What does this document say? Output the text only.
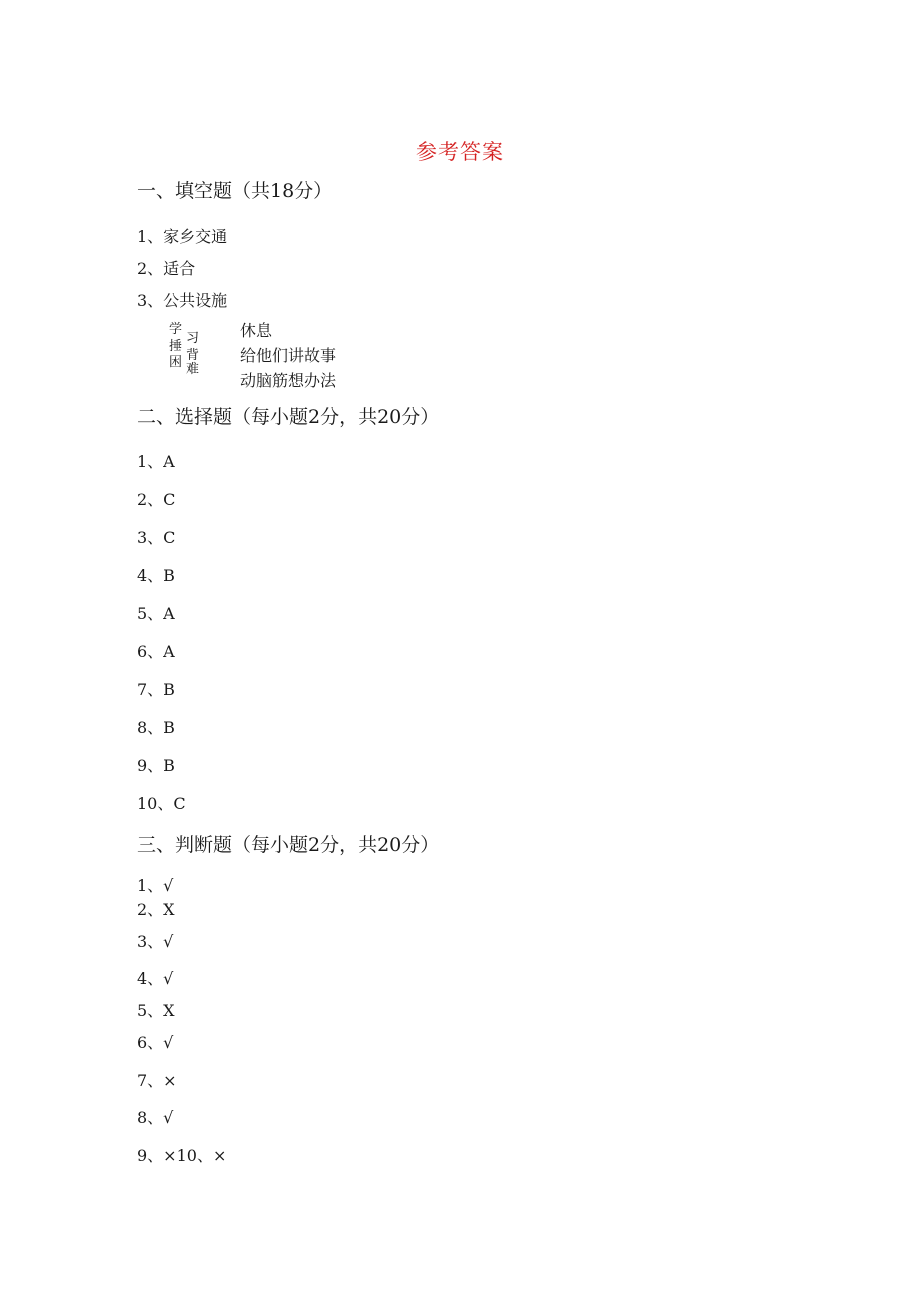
参考答案
一、填空题（共18分）
1、家乡交通
2、适合
3、公共设施
学
习
捶
背
困 难
休息
给他们讲故事
动脑筋想办法
二、选择题（每小题2分，共20分）
1、A
2、C
3、C
4、B
5、A
6、A
7、B
8、B
9、B
10、C
三、判断题（每小题2分，共20分）
1、√
2、X
3、√
4、√
5、X
6、√
7、×
8、√
9、×10、×
